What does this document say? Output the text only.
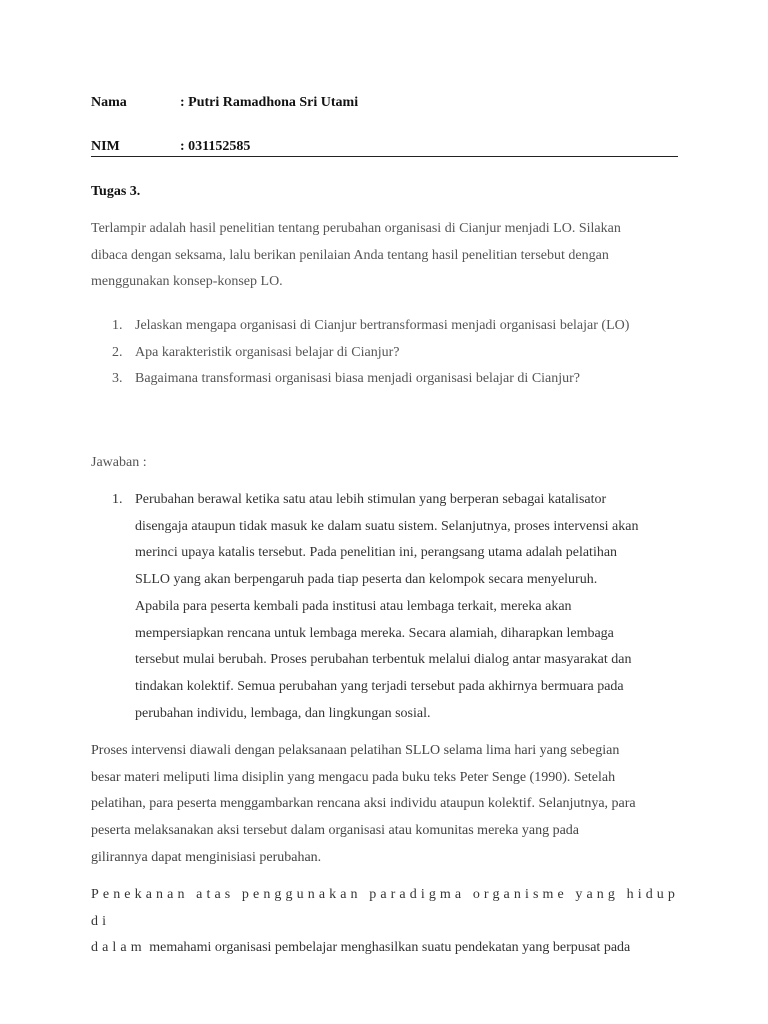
Nama	: Putri Ramadhona Sri Utami
NIM	: 031152585
Tugas 3.
Terlampir adalah hasil penelitian tentang perubahan organisasi di Cianjur menjadi LO. Silakan
dibaca dengan seksama, lalu berikan penilaian Anda tentang hasil penelitian tersebut dengan
menggunakan konsep-konsep LO.
1. Jelaskan mengapa organisasi di Cianjur bertransformasi menjadi organisasi belajar (LO)
2. Apa karakteristik organisasi belajar di Cianjur?
3. Bagaimana transformasi organisasi biasa menjadi organisasi belajar di Cianjur?
Jawaban :
1. Perubahan berawal ketika satu atau lebih stimulan yang berperan sebagai katalisator
disengaja ataupun tidak masuk ke dalam suatu sistem. Selanjutnya, proses intervensi akan
merinci upaya katalis tersebut. Pada penelitian ini, perangsang utama adalah pelatihan
SLLO yang akan berpengaruh pada tiap peserta dan kelompok secara menyeluruh.
Apabila para peserta kembali pada institusi atau lembaga terkait, mereka akan
mempersiapkan rencana untuk lembaga mereka. Secara alamiah, diharapkan lembaga
tersebut mulai berubah. Proses perubahan terbentuk melalui dialog antar masyarakat dan
tindakan kolektif. Semua perubahan yang terjadi tersebut pada akhirnya bermuara pada
perubahan individu, lembaga, dan lingkungan sosial.
Proses intervensi diawali dengan pelaksanaan pelatihan SLLO selama lima hari yang sebegian
besar materi meliputi lima disiplin yang mengacu pada buku teks Peter Senge (1990). Setelah
pelatihan, para peserta menggambarkan rencana aksi individu ataupun kolektif. Selanjutnya, para
peserta melaksanakan aksi tersebut dalam organisasi atau komunitas mereka yang pada
gilirannya dapat menginisiasi perubahan.
Penekanan atas penggunakan paradigma organisme yang hidup di
dalam memahami organisasi pembelajar menghasilkan suatu pendekatan yang berpusat pada
